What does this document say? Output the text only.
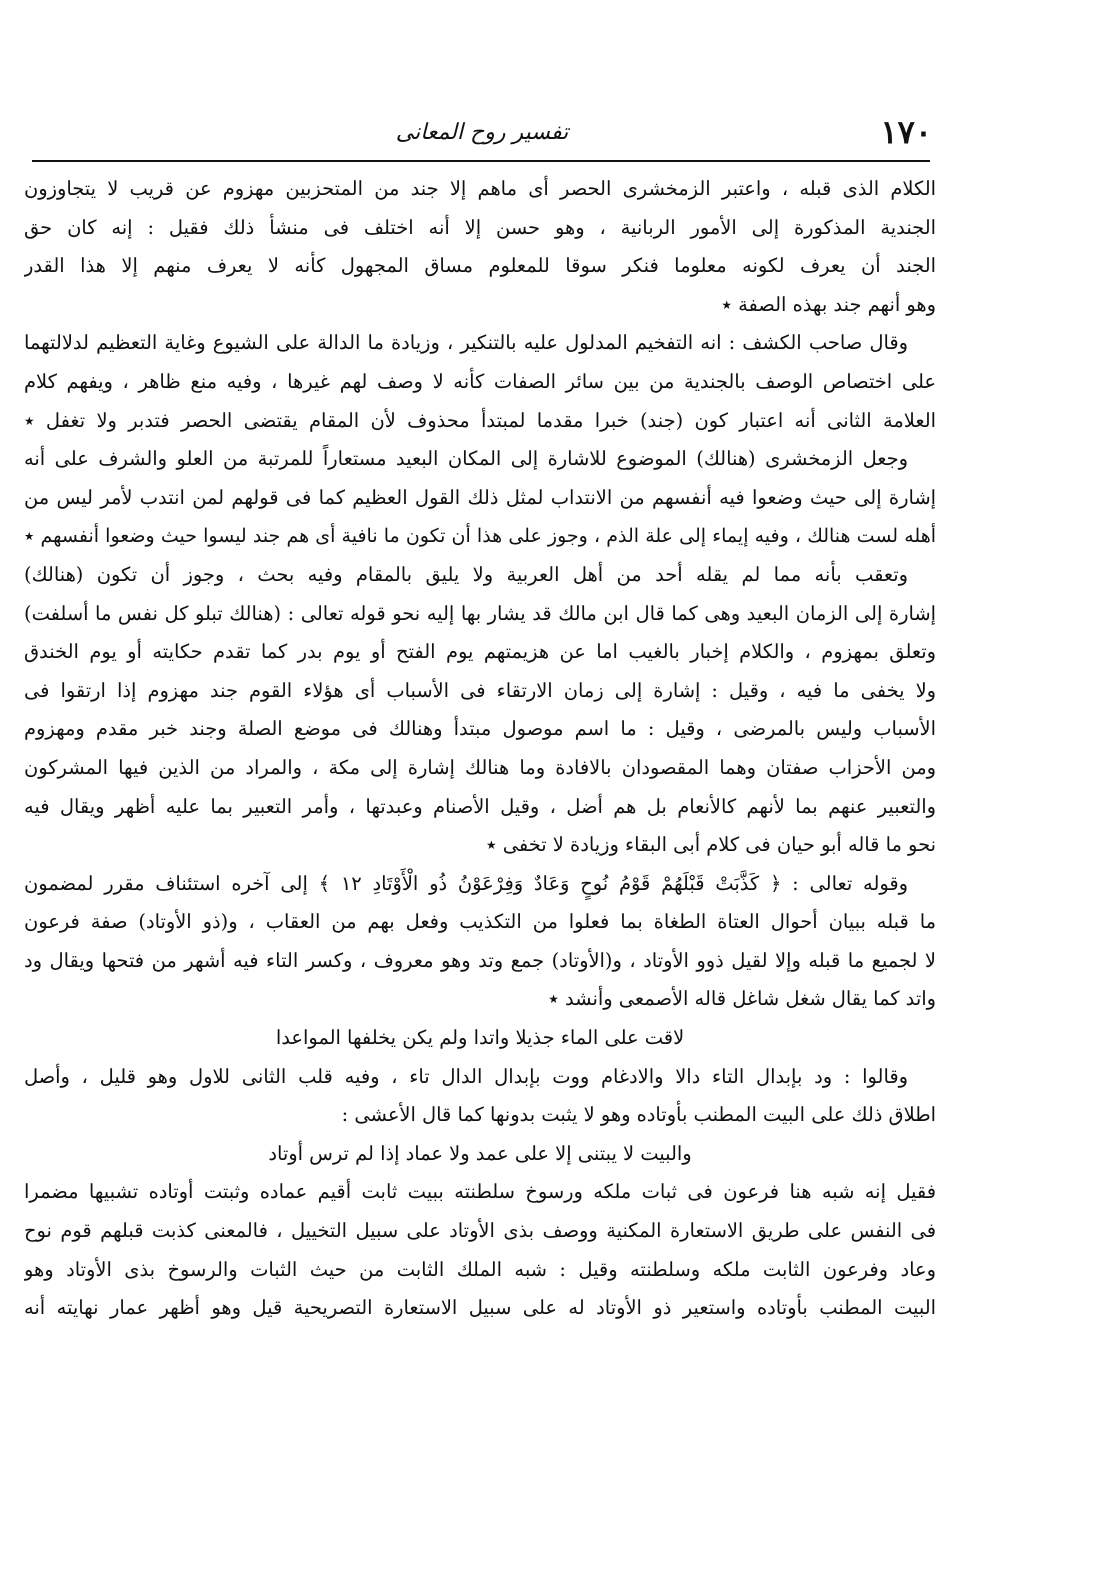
١٧٠
تفسير روح المعانى
الكلام الذى قبله ، واعتبر الزمخشرى الحصر أى ماهم إلا جند من المتحزبين مهزوم عن قريب لا يتجاوزون
الجندية المذكورة إلى الأمور الربانية ، وهو حسن إلا أنه اختلف فى منشأ ذلك فقيل : إنه كان حق
الجند أن يعرف لكونه معلوما فنكر سوقا للمعلوم مساق المجهول كأنه لا يعرف منهم إلا هذا القدر
وهو أنهم جند بهذه الصفة ٭
وقال صاحب الكشف : انه التفخيم المدلول عليه بالتنكير ، وزيادة ما الدالة على الشيوع وغاية التعظيم لدلالتهما
على اختصاص الوصف بالجندية من بين سائر الصفات كأنه لا وصف لهم غيرها ، وفيه منع ظاهر ، ويفهم كلام
العلامة الثانى أنه اعتبار كون (جند) خبرا مقدما لمبتدأ محذوف لأن المقام يقتضى الحصر فتدبر ولا تغفل ٭
وجعل الزمخشرى (هنالك) الموضوع للاشارة إلى المكان البعيد مستعاراً للمرتبة من العلو والشرف على أنه
إشارة إلى حيث وضعوا فيه أنفسهم من الانتداب لمثل ذلك القول العظيم كما فى قولهم لمن انتدب لأمر ليس من
أهله لست هنالك ، وفيه إيماء إلى علة الذم ، وجوز على هذا أن تكون ما نافية أى هم جند ليسوا حيث وضعوا أنفسهم ٭
وتعقب بأنه مما لم يقله أحد من أهل العربية ولا يليق بالمقام وفيه بحث ، وجوز أن تكون (هنالك)
إشارة إلى الزمان البعيد وهى كما قال ابن مالك قد يشار بها إليه نحو قوله تعالى : (هنالك تبلو كل نفس ما أسلفت)
وتعلق بمهزوم ، والكلام إخبار بالغيب اما عن هزيمتهم يوم الفتح أو يوم بدر كما تقدم حكايته أو يوم الخندق
ولا يخفى ما فيه ، وقيل : إشارة إلى زمان الارتقاء فى الأسباب أى هؤلاء القوم جند مهزوم إذا ارتقوا فى
الأسباب وليس بالمرضى ، وقيل : ما اسم موصول مبتدأ وهنالك فى موضع الصلة وجند خبر مقدم ومهزوم
ومن الأحزاب صفتان وهما المقصودان بالافادة وما هنالك إشارة إلى مكة ، والمراد من الذين فيها المشركون
والتعبير عنهم بما لأنهم كالأنعام بل هم أضل ، وقيل الأصنام وعبدتها ، وأمر التعبير بما عليه أظهر ويقال فيه
نحو ما قاله أبو حيان فى كلام أبى البقاء وزيادة لا تخفى ٭
وقوله تعالى : ﴿ كَذَّبَتْ قَبْلَهُمْ قَوْمُ نُوحٍ وَعَادٌ وَفِرْعَوْنُ ذُو الْأَوْتَادِ ١٢ ﴾ إلى آخره استئناف مقرر لمضمون
ما قبله ببيان أحوال العتاة الطغاة بما فعلوا من التكذيب وفعل بهم من العقاب ، و(ذو الأوتاد) صفة فرعون
لا لجميع ما قبله وإلا لقيل ذوو الأوتاد ، و(الأوتاد) جمع وتد وهو معروف ، وكسر التاء فيه أشهر من فتحها ويقال ود
واتد كما يقال شغل شاغل قاله الأصمعى وأنشد ٭
لاقت على الماء جذيلا واتدا ولم يكن يخلفها المواعدا
وقالوا : ود بإبدال التاء دالا والادغام ووت بإبدال الدال تاء ، وفيه قلب الثانى للاول وهو قليل ، وأصل
اطلاق ذلك على البيت المطنب بأوتاده وهو لا يثبت بدونها كما قال الأعشى :
والبيت لا يبتنى إلا على عمد ولا عماد إذا لم ترس أوتاد
فقيل إنه شبه هنا فرعون فى ثبات ملكه ورسوخ سلطنته ببيت ثابت أقيم عماده وثبتت أوتاده تشبيها مضمرا
فى النفس على طريق الاستعارة المكنية ووصف بذى الأوتاد على سبيل التخييل ، فالمعنى كذبت قبلهم قوم نوح
وعاد وفرعون الثابت ملكه وسلطنته وقيل : شبه الملك الثابت من حيث الثبات والرسوخ بذى الأوتاد وهو
البيت المطنب بأوتاده واستعير ذو الأوتاد له على سبيل الاستعارة التصريحية قيل وهو أظهر عمار نهايته أنه
